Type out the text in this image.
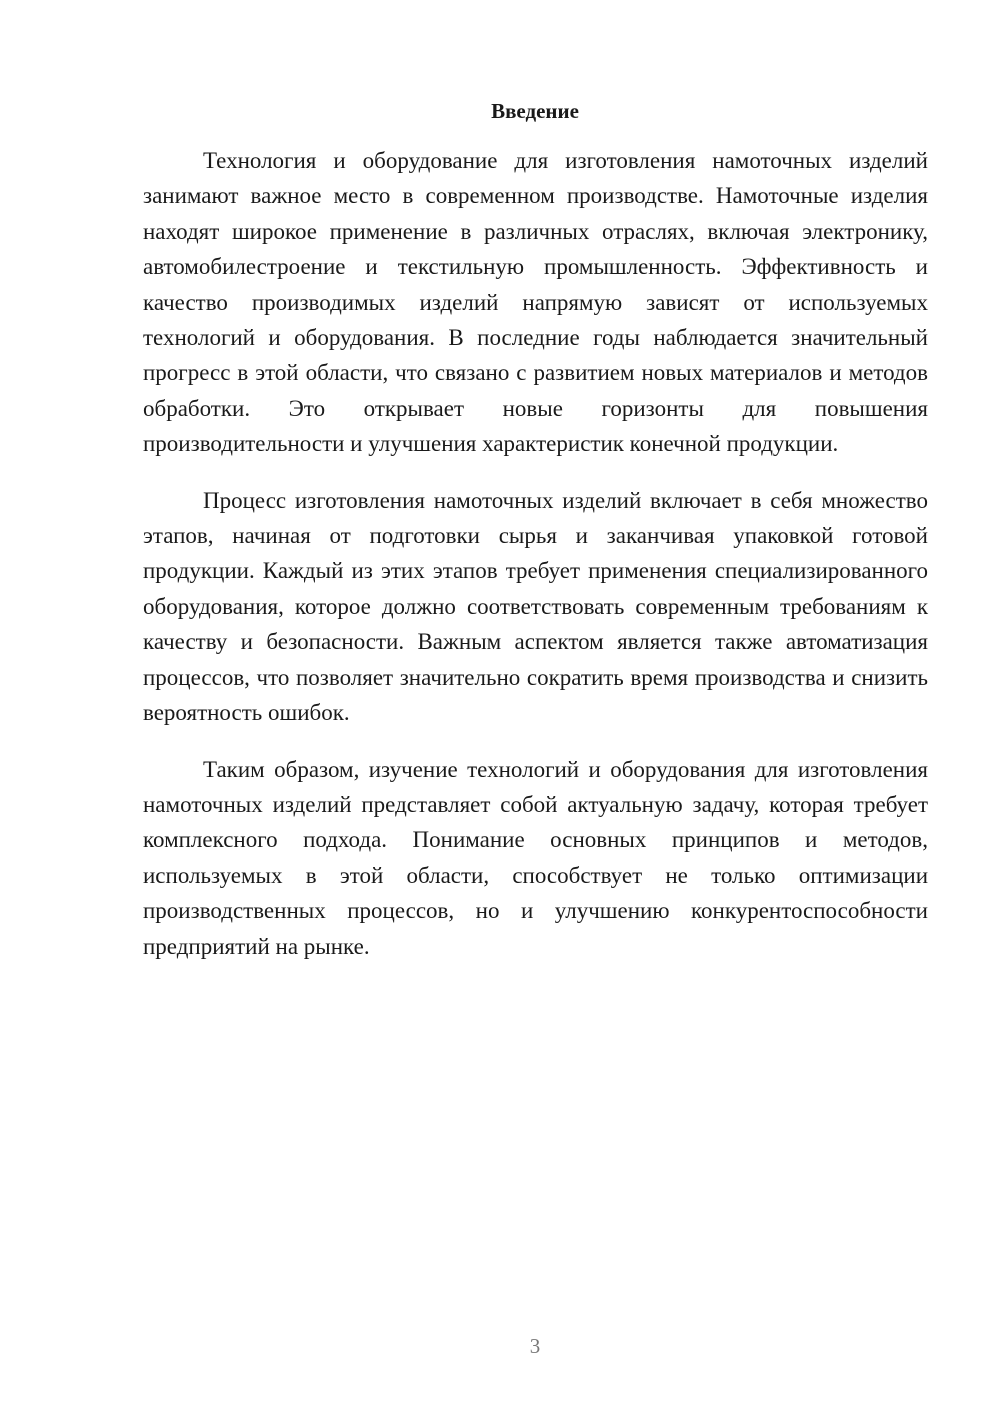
Введение

Технология и оборудование для изготовления намоточных изделий занимают важное место в современном производстве. Намоточные изделия находят широкое применение в различных отраслях, включая электронику, автомобилестроение и текстильную промышленность. Эффективность и качество производимых изделий напрямую зависят от используемых технологий и оборудования. В последние годы наблюдается значительный прогресс в этой области, что связано с развитием новых материалов и методов обработки. Это открывает новые горизонты для повышения производительности и улучшения характеристик конечной продукции.

Процесс изготовления намоточных изделий включает в себя множество этапов, начиная от подготовки сырья и заканчивая упаковкой готовой продукции. Каждый из этих этапов требует применения специализированного оборудования, которое должно соответствовать современным требованиям к качеству и безопасности. Важным аспектом является также автоматизация процессов, что позволяет значительно сократить время производства и снизить вероятность ошибок.

Таким образом, изучение технологий и оборудования для изготовления намоточных изделий представляет собой актуальную задачу, которая требует комплексного подхода. Понимание основных принципов и методов, используемых в этой области, способствует не только оптимизации производственных процессов, но и улучшению конкурентоспособности предприятий на рынке.

3
